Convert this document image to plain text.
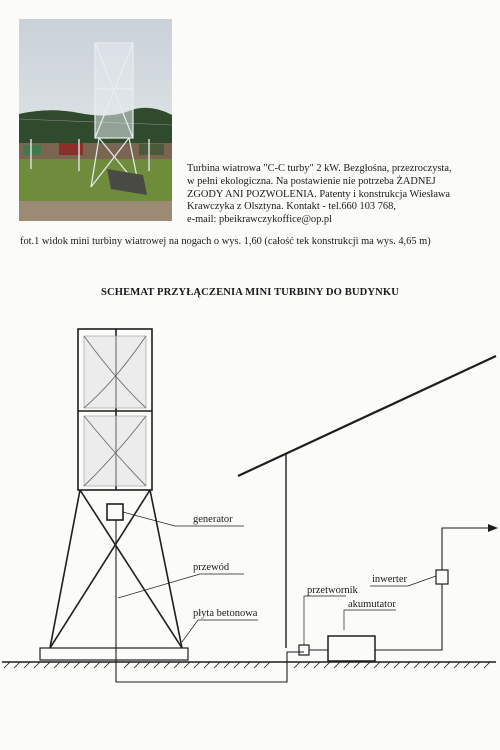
Turbina wiatrowa "C-C turby" 2 kW. Bezgłośna, przezroczysta,
w pełni ekologiczna. Na postawienie nie potrzeba ŻADNEJ
ZGODY ANI POZWOLENIA. Patenty i konstrukcja Wiesława
Krawczyka z Olsztyna. Kontakt - tel.660 103 768,
e-mail: pbeikrawczykoffice@op.pl
fot.1 widok mini turbiny wiatrowej na nogach o wys. 1,60 (całość tek konstrukcji ma wys. 4,65 m)
SCHEMAT PRZYŁĄCZENIA MINI TURBINY DO BUDYNKU
generator
przewód
płyta betonowa
przetwornik
inwerter
akumutator
